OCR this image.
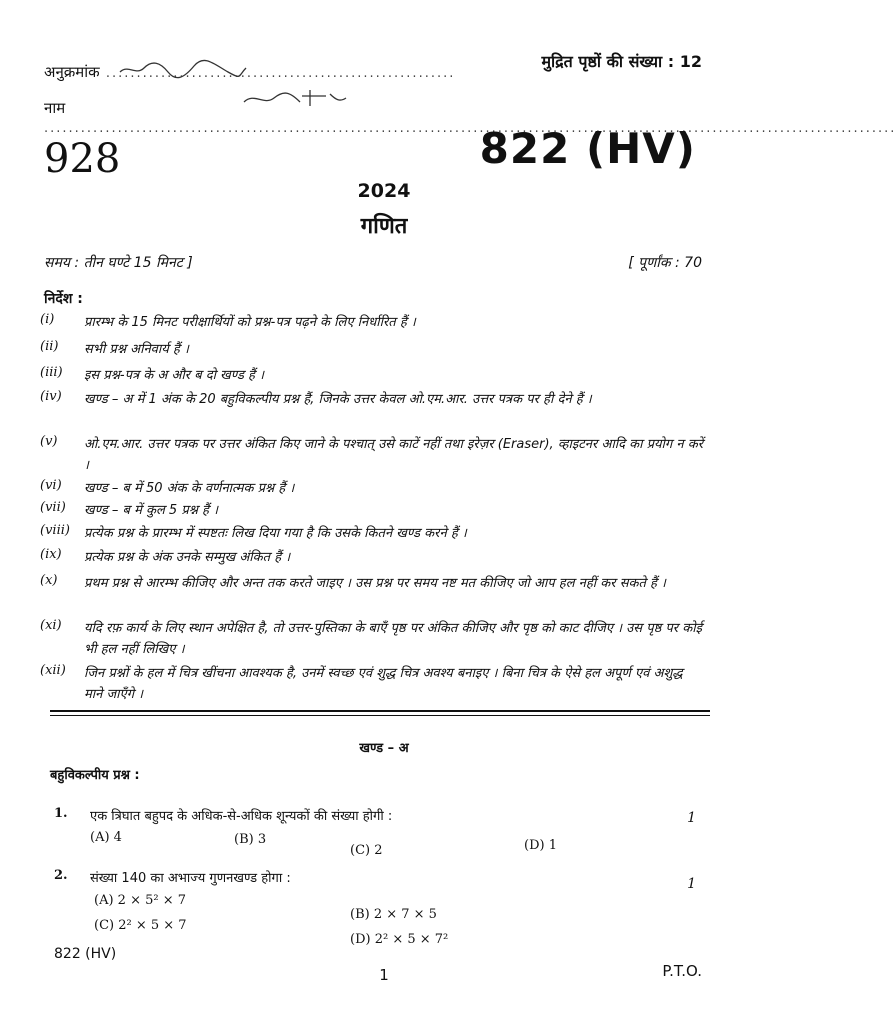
अनुक्रमांक .........................................................
मुद्रित पृष्ठों की संख्या : 12
नाम ...........................................................................................................................................
928	822 (HV)
2024
गणित
समय : तीन घण्टे 15 मिनट ]	[ पूर्णांक : 70
निर्देश :
(i) प्रारम्भ के 15 मिनट परीक्षार्थियों को प्रश्न-पत्र पढ़ने के लिए निर्धारित हैं ।
(ii) सभी प्रश्न अनिवार्य हैं ।
(iii) इस प्रश्न-पत्र के अ और ब दो खण्ड हैं ।
(iv) खण्ड – अ में 1 अंक के 20 बहुविकल्पीय प्रश्न हैं, जिनके उत्तर केवल ओ.एम.आर. उत्तर पत्रक पर ही देने हैं ।
(v) ओ.एम.आर. उत्तर पत्रक पर उत्तर अंकित किए जाने के पश्चात् उसे काटें नहीं तथा इरेज़र (Eraser), व्हाइटनर आदि का प्रयोग न करें ।
(vi) खण्ड – ब में 50 अंक के वर्णनात्मक प्रश्न हैं ।
(vii) खण्ड – ब में कुल 5 प्रश्न हैं ।
(viii) प्रत्येक प्रश्न के प्रारम्भ में स्पष्टतः लिख दिया गया है कि उसके कितने खण्ड करने हैं ।
(ix) प्रत्येक प्रश्न के अंक उनके सम्मुख अंकित हैं ।
(x) प्रथम प्रश्न से आरम्भ कीजिए और अन्त तक करते जाइए । उस प्रश्न पर समय नष्ट मत कीजिए जो आप हल नहीं कर सकते हैं ।
(xi) यदि रफ़ कार्य के लिए स्थान अपेक्षित है, तो उत्तर-पुस्तिका के बाएँ पृष्ठ पर अंकित कीजिए और पृष्ठ को काट दीजिए । उस पृष्ठ पर कोई भी हल नहीं लिखिए ।
(xii) जिन प्रश्नों के हल में चित्र खींचना आवश्यक है, उनमें स्वच्छ एवं शुद्ध चित्र अवश्य बनाइए । बिना चित्र के ऐसे हल अपूर्ण एवं अशुद्ध माने जाएँगे ।
खण्ड – अ
बहुविकल्पीय प्रश्न :
1. एक त्रिघात बहुपद के अधिक-से-अधिक शून्यकों की संख्या होगी :	1
(A) 4	(B) 3
(C) 2	(D) 1
2. संख्या 140 का अभाज्य गुणनखण्ड होगा :	1
(A) 2 × 5² × 7
(C) 2² × 5 × 7
(B) 2 × 7 × 5
(D) 2² × 5 × 7²
822 (HV)
1	P.T.O.
